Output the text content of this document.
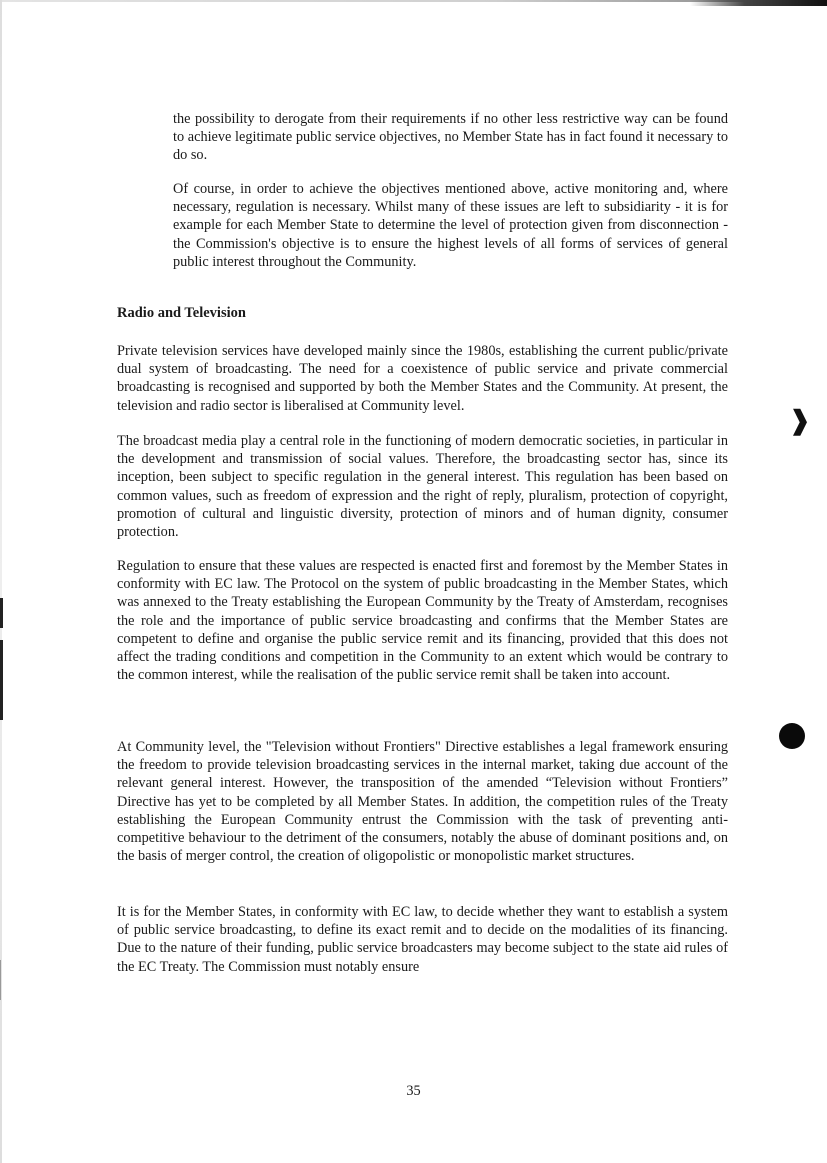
❱

the possibility to derogate from their requirements if no other less restrictive way can be found to achieve legitimate public service objectives, no Member State has in fact found it necessary to do so.

Of course, in order to achieve the objectives mentioned above, active monitoring and, where necessary, regulation is necessary. Whilst many of these issues are left to subsidiarity - it is for example for each Member State to determine the level of protection given from disconnection - the Commission's objective is to ensure the highest levels of all forms of services of general public interest throughout the Community.

Radio and Television

Private television services have developed mainly since the 1980s, establishing the current public/private dual system of broadcasting. The need for a coexistence of public service and private commercial broadcasting is recognised and supported by both the Member States and the Community. At present, the television and radio sector is liberalised at Community level.

The broadcast media play a central role in the functioning of modern democratic societies, in particular in the development and transmission of social values. Therefore, the broadcasting sector has, since its inception, been subject to specific regulation in the general interest. This regulation has been based on common values, such as freedom of expression and the right of reply, pluralism, protection of copyright, promotion of cultural and linguistic diversity, protection of minors and of human dignity, consumer protection.

Regulation to ensure that these values are respected is enacted first and foremost by the Member States in conformity with EC law. The Protocol on the system of public broadcasting in the Member States, which was annexed to the Treaty establishing the European Community by the Treaty of Amsterdam, recognises the role and the importance of public service broadcasting and confirms that the Member States are competent to define and organise the public service remit and its financing, provided that this does not affect the trading conditions and competition in the Community to an extent which would be contrary to the common interest, while the realisation of the public service remit shall be taken into account.

At Community level, the "Television without Frontiers" Directive establishes a legal framework ensuring the freedom to provide television broadcasting services in the internal market, taking due account of the relevant general interest. However, the transposition of the amended “Television without Frontiers” Directive has yet to be completed by all Member States. In addition, the competition rules of the Treaty establishing the European Community entrust the Commission with the task of preventing anti-competitive behaviour to the detriment of the consumers, notably the abuse of dominant positions and, on the basis of merger control, the creation of oligopolistic or monopolistic market structures.

It is for the Member States, in conformity with EC law, to decide whether they want to establish a system of public service broadcasting, to define its exact remit and to decide on the modalities of its financing. Due to the nature of their funding, public service broadcasters may become subject to the state aid rules of the EC Treaty. The Commission must notably ensure

35
